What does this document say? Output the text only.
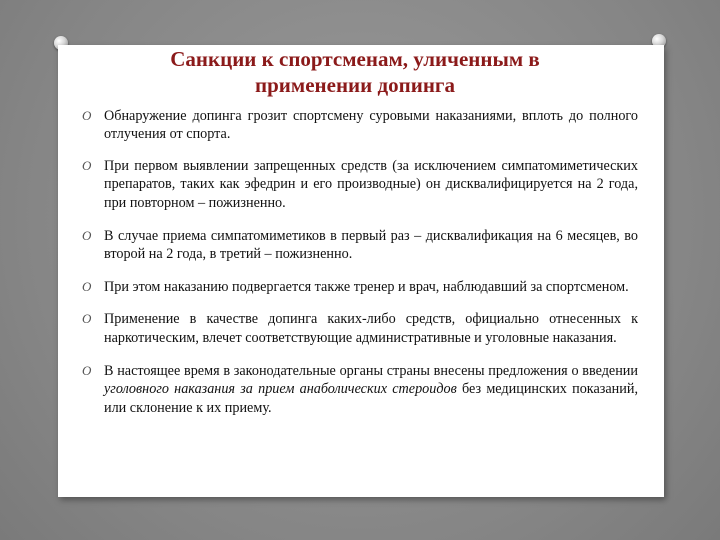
Санкции к спортсменам, уличенным в применении допинга
O Обнаружение допинга грозит спортсмену суровыми наказаниями, вплоть до полного отлучения от спорта.
O При первом выявлении запрещенных средств (за исключением симпатомиметических препаратов, таких как эфедрин и его производные) он дисквалифицируется на 2 года, при повторном – пожизненно.
O В случае приема симпатомиметиков в первый раз – дисквалификация на 6 месяцев, во второй на 2 года, в третий – пожизненно.
O При этом наказанию подвергается также тренер и врач, наблюдавший за спортсменом.
O Применение в качестве допинга каких-либо средств, официально отнесенных к наркотическим, влечет соответствующие административные и уголовные наказания.
O В настоящее время в законодательные органы страны внесены предложения о введении уголовного наказания за прием анаболических стероидов без медицинских показаний, или склонение к их приему.
